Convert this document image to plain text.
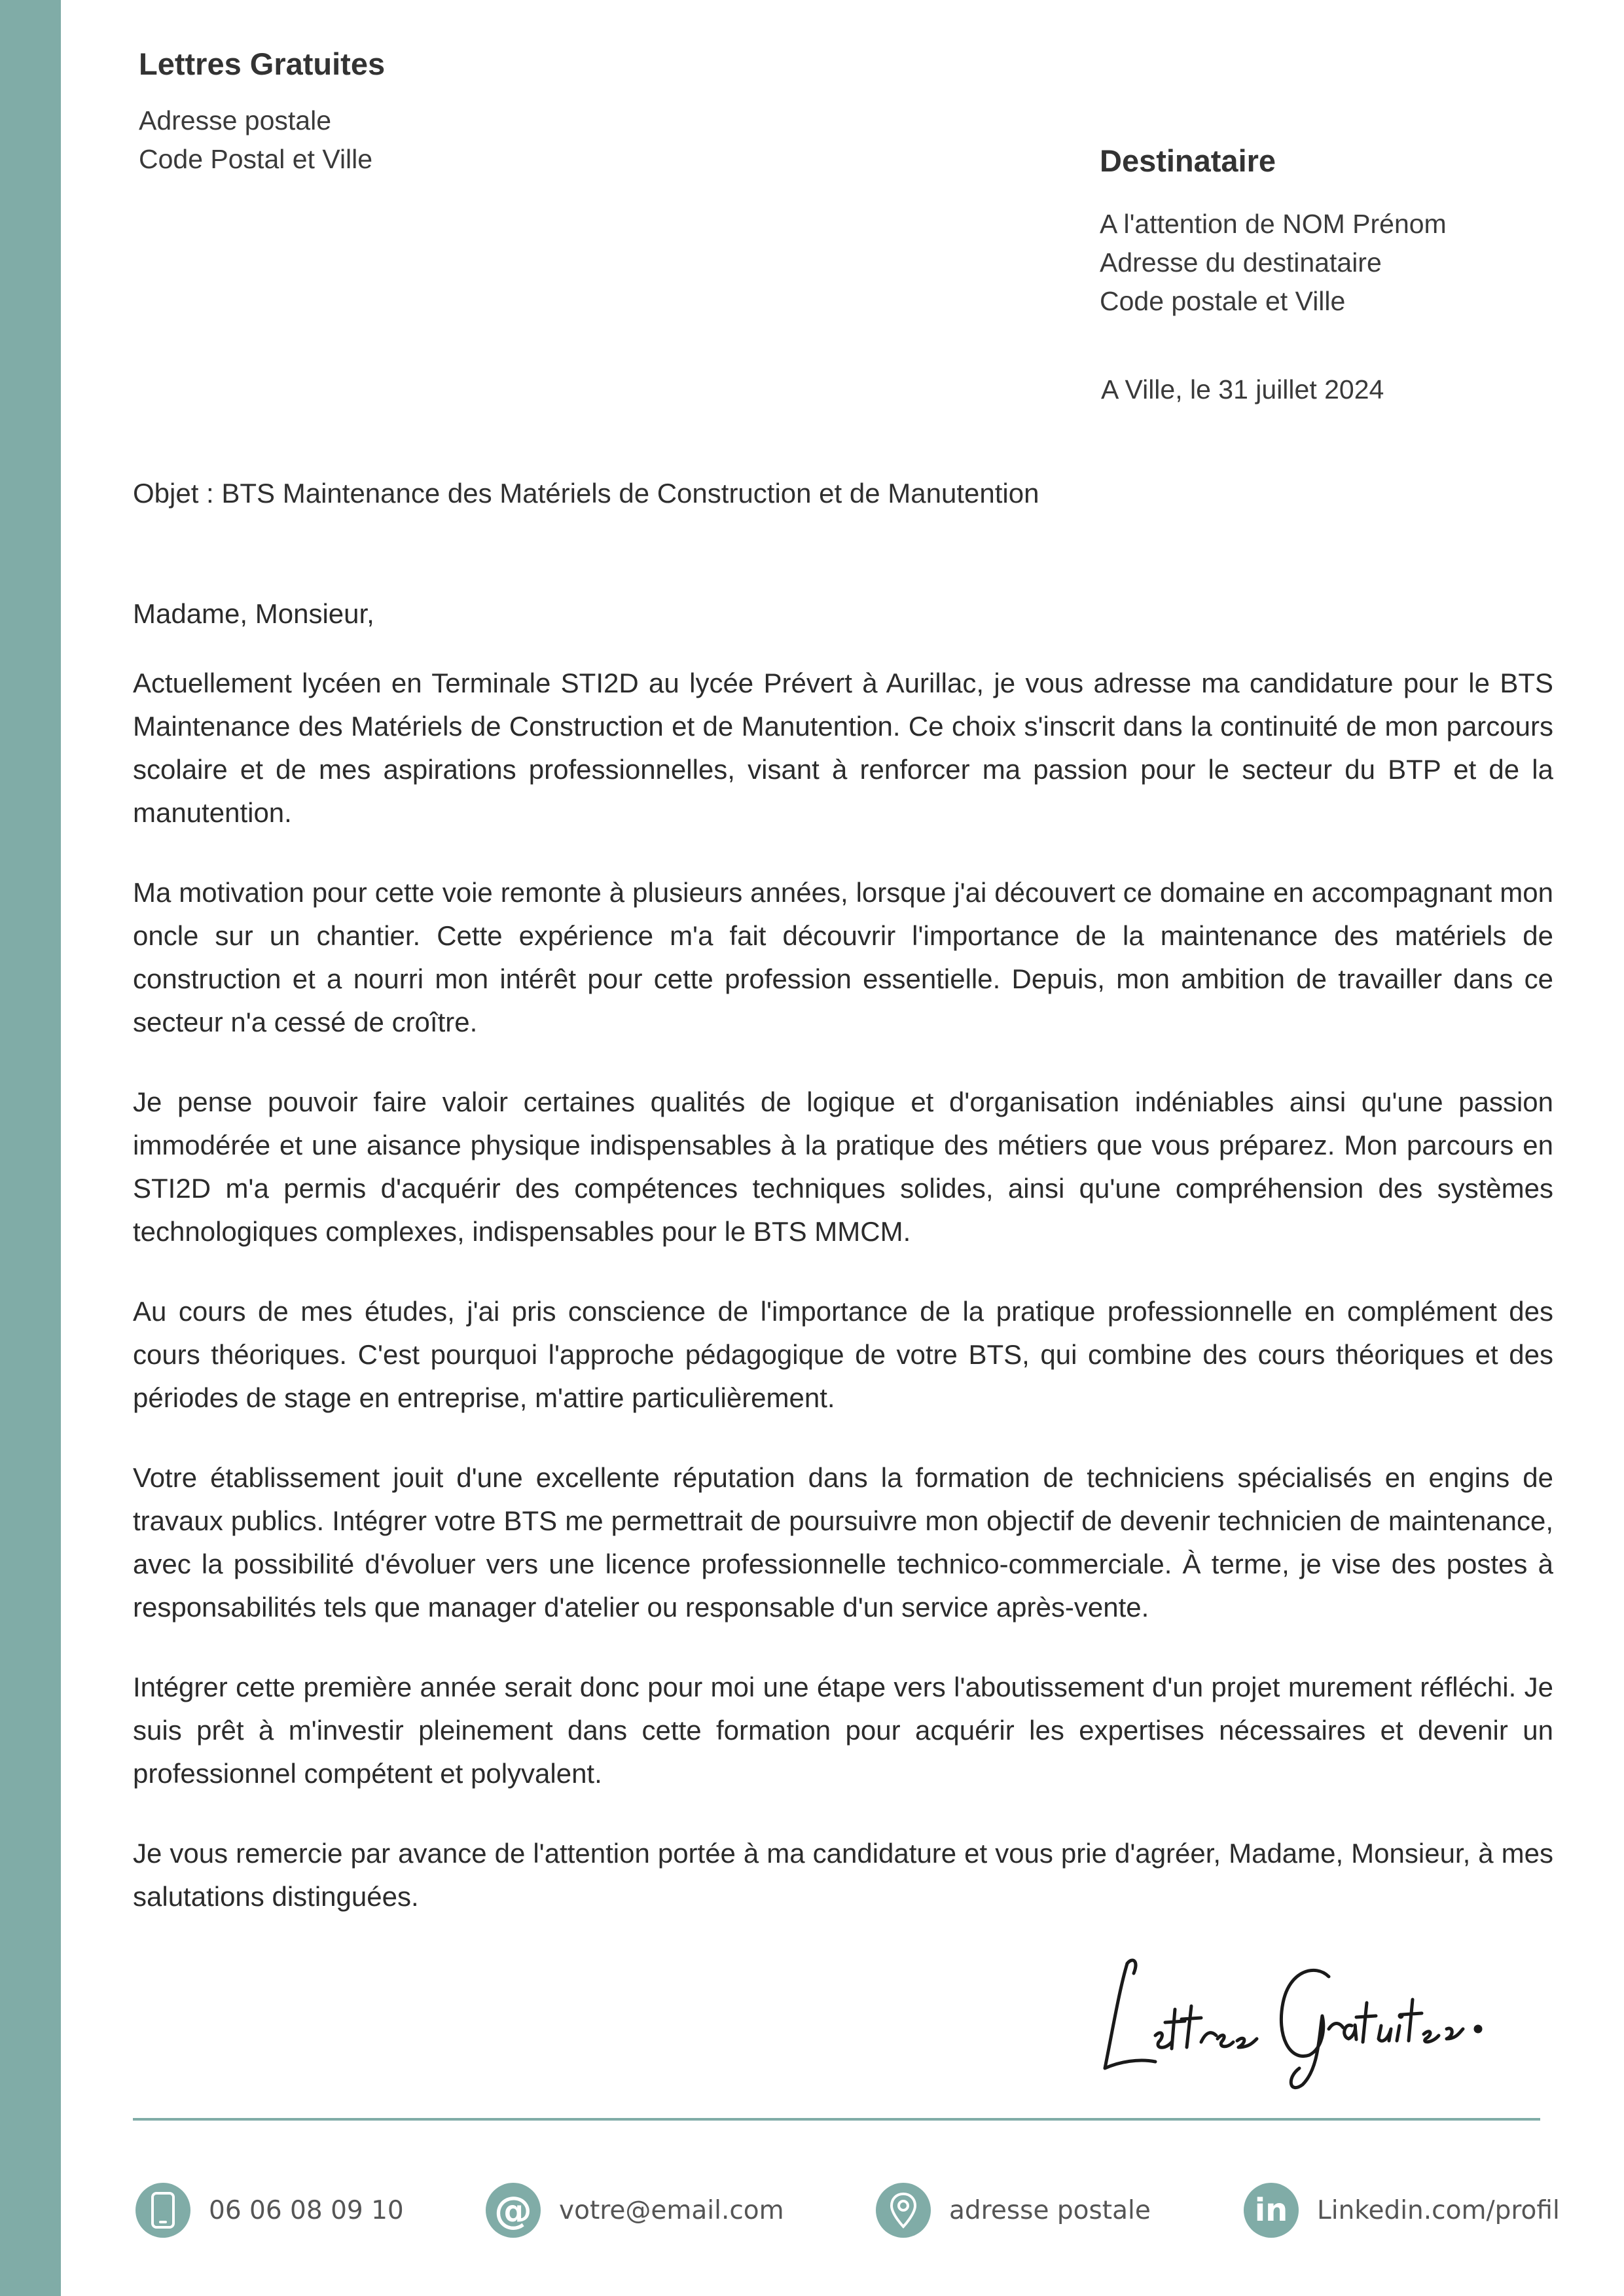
Lettres Gratuites
Adresse postale
Code Postal et Ville	Destinataire
A l'attention de NOM Prénom
Adresse du destinataire
Code postale et Ville
A Ville, le 31 juillet 2024
Objet : BTS Maintenance des Matériels de Construction et de Manutention

Madame, Monsieur,

Actuellement lycéen en Terminale STI2D au lycée Prévert à Aurillac, je vous adresse ma candidature pour le BTS Maintenance des Matériels de Construction et de Manutention. Ce choix s'inscrit dans la continuité de mon parcours scolaire et de mes aspirations professionnelles, visant à renforcer ma passion pour le secteur du BTP et de la manutention.

Ma motivation pour cette voie remonte à plusieurs années, lorsque j'ai découvert ce domaine en accompagnant mon oncle sur un chantier. Cette expérience m'a fait découvrir l'importance de la maintenance des matériels de construction et a nourri mon intérêt pour cette profession essentielle. Depuis, mon ambition de travailler dans ce secteur n'a cessé de croître.

Je pense pouvoir faire valoir certaines qualités de logique et d'organisation indéniables ainsi qu'une passion immodérée et une aisance physique indispensables à la pratique des métiers que vous préparez. Mon parcours en STI2D m'a permis d'acquérir des compétences techniques solides, ainsi qu'une compréhension des systèmes technologiques complexes, indispensables pour le BTS MMCM.

Au cours de mes études, j'ai pris conscience de l'importance de la pratique professionnelle en complément des cours théoriques. C'est pourquoi l'approche pédagogique de votre BTS, qui combine des cours théoriques et des périodes de stage en entreprise, m'attire particulièrement.

Votre établissement jouit d'une excellente réputation dans la formation de techniciens spécialisés en engins de travaux publics. Intégrer votre BTS me permettrait de poursuivre mon objectif de devenir technicien de maintenance, avec la possibilité d'évoluer vers une licence professionnelle technico-commerciale. À terme, je vise des postes à responsabilités tels que manager d'atelier ou responsable d'un service après-vente.

Intégrer cette première année serait donc pour moi une étape vers l'aboutissement d'un projet murement réfléchi. Je suis prêt à m'investir pleinement dans cette formation pour acquérir les expertises nécessaires et devenir un professionnel compétent et polyvalent.

Je vous remercie par avance de l'attention portée à ma candidature et vous prie d'agréer, Madame, Monsieur, à mes salutations distinguées.

Lettres Gratuites.
06 06 08 09 10 @ votre@email.com	adresse postale	in Linkedin.com/profil
